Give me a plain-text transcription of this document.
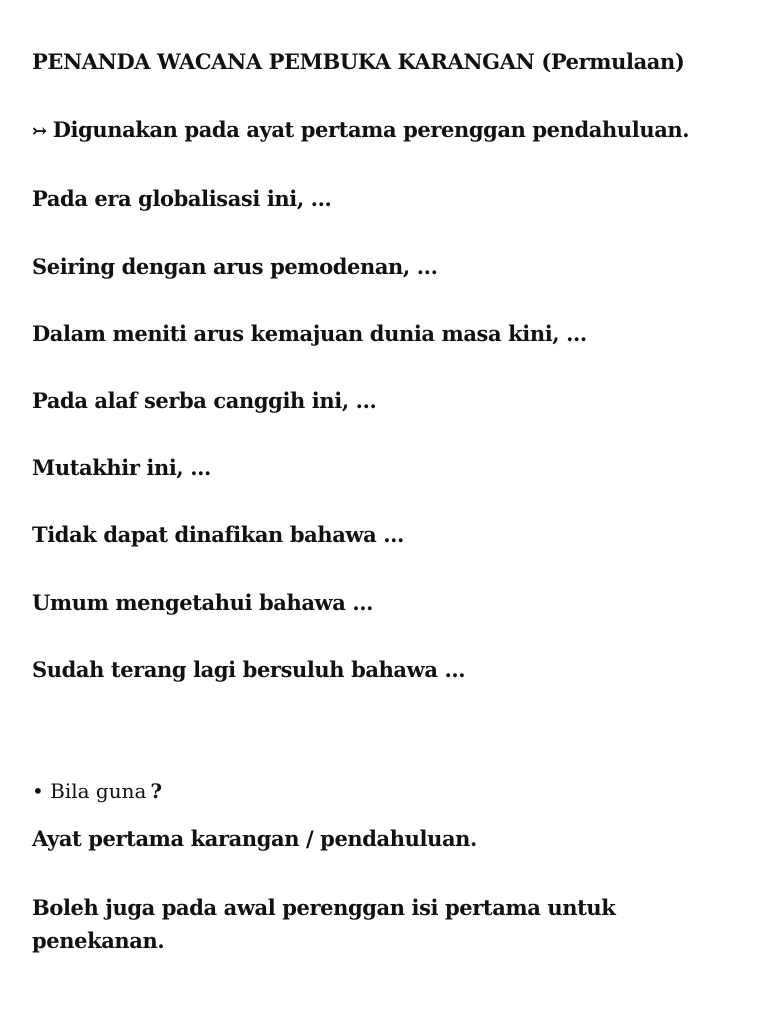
PENANDA WACANA PEMBUKA KARANGAN (Permulaan)

↣ Digunakan pada ayat pertama perenggan pendahuluan.

Pada era globalisasi ini, ...

Seiring dengan arus pemodenan, ...

Dalam meniti arus kemajuan dunia masa kini, ...

Pada alaf serba canggih ini, ...

Mutakhir ini, ...

Tidak dapat dinafikan bahawa ...

Umum mengetahui bahawa ...

Sudah terang lagi bersuluh bahawa ...

• Bila guna ?

Ayat pertama karangan / pendahuluan.

Boleh juga pada awal perenggan isi pertama untuk penekanan.
